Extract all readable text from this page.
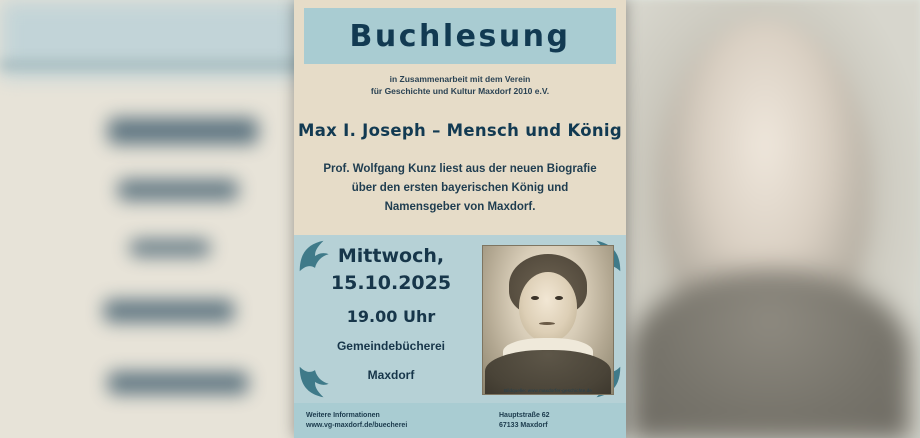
Buchlesung
in Zusammenarbeit mit dem Verein
für Geschichte und Kultur Maxdorf 2010 e.V.
Max I. Joseph – Mensch und König
Prof. Wolfgang Kunz liest aus der neuen Biografie
über den ersten bayerischen König und
Namensgeber von Maxdorf.
Mittwoch,
15.10.2025
19.00 Uhr
Gemeindebücherei
Maxdorf
Bildquelle: www.maxdorfer-geschichte.de
Weitere Informationen
www.vg-maxdorf.de/buecherei
Hauptstraße 62
67133 Maxdorf
